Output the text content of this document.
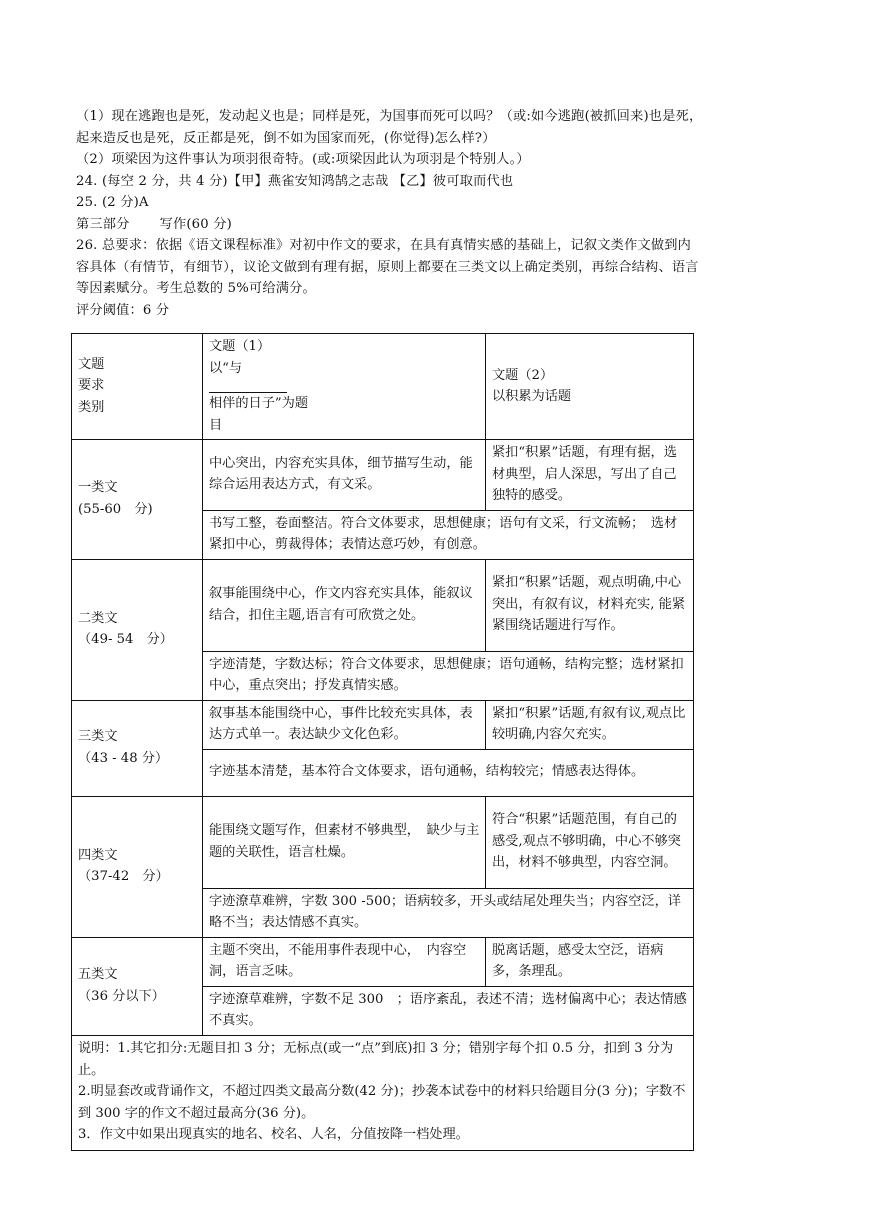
（1）现在逃跑也是死，发动起义也是；同样是死，为国事而死可以吗？（或:如今逃跑(被抓回来)也是死，

起来造反也是死，反正都是死，倒不如为国家而死，(你觉得)怎么样?）

（2）项梁因为这件事认为项羽很奇特。(或:项梁因此认为项羽是个特别人。）

24. (每空 2 分，共 4 分)【甲】燕雀安知鸿鹄之志哉 【乙】彼可取而代也

25. (2 分)A

第三部分 写作(60 分)

26. 总要求：依据《语文课程标准》对初中作文的要求，在具有真情实感的基础上，记叙文类作文做到内

容具体（有情节，有细节），议论文做到有理有据，原则上都要在三类文以上确定类别，再综合结构、语言

等因素赋分。考生总数的 5%可给满分。

评分阈值：6 分

文题
要求
类别	文题（1）
以“与
相伴的日子”为题
目	文题（2）
以积累为话题

一类文
(55-60　分)	中心突出，内容充实具体，细节描写生动，能综合运用表达方式，有文采。	紧扣“积累”话题，有理有据，选材典型，启人深思，写出了自己独特的感受。
	书写工整，卷面整洁。符合文体要求，思想健康；语句有文采，行文流畅；　选材紧扣中心，剪裁得体；表情达意巧妙，有创意。	

二类文
（49- 54　分）	叙事能围绕中心，作文内容充实具体，能叙议结合，扣住主题,语言有可欣赏之处。	紧扣“积累”话题，观点明确,中心突出，有叙有议，材料充实, 能紧紧围绕话题进行写作。
	字迹清楚，字数达标；符合文体要求，思想健康；语句通畅，结构完整；选材紧扣中心，重点突出；抒发真情实感。	

三类文
（43 - 48 分）	叙事基本能围绕中心，事件比较充实具体，表达方式单一。表达缺少文化色彩。	紧扣“积累”话题,有叙有议,观点比较明确,内容欠充实。
	字迹基本清楚，基本符合文体要求，语句通畅，结构较完；情感表达得体。	

四类文
（37-42　分）	能围绕文题写作，但素材不够典型，　缺少与主题的关联性，语言杜燥。	符合“积累”话题范围，有自己的感受,观点不够明确，中心不够突出，材料不够典型，内容空洞。
	字迹潦草难辨，字数 300 -500；语病较多，开头或结尾处理失当；内容空泛，详略不当；表达情感不真实。	

五类文
（36 分以下）	主题不突出，不能用事件表现中心，　内容空洞，语言乏味。	脱离话题，感受太空泛，语病多，条理乱。
	字迹潦草难辨，字数不足 300　；语序紊乱，表述不清；选材偏离中心；表达情感不真实。	

说明：1.其它扣分:无题目扣 3 分；无标点(或一“点”到底)扣 3 分；错别字每个扣 0.5 分，扣到 3 分为止。

2.明显套改或背诵作文，不超过四类文最高分数(42 分)；抄袭本试卷中的材料只给题目分(3 分)；字数不到 300 字的作文不超过最高分(36 分)。

3．作文中如果出现真实的地名、校名、人名，分值按降一档处理。		
